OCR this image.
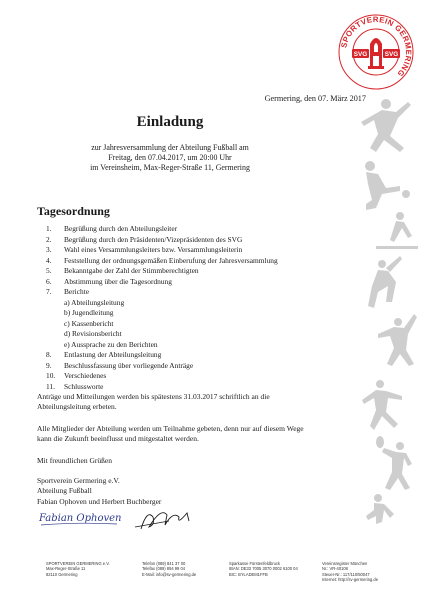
SPORTVEREIN GERMERING
SVG	SVG
Germering, den 07. März 2017
Einladung
zur Jahresversammlung der Abteilung Fußball am
Freitag, den 07.04.2017, um 20:00 Uhr
im Vereinsheim, Max-Reger-Straße 11, Germering
Tagesordnung
1. Begrüßung durch den Abteilungsleiter
2. Begrüßung durch den Präsidenten/Vizepräsidenten des SVG
3. Wahl eines Versammlungsleiters bzw. Versammlungsleiterin
4. Feststellung der ordnungsgemäßen Einberufung der Jahresversammlung
5. Bekanntgabe der Zahl der Stimmberechtigten
6. Abstimmung über die Tagesordnung
7. Berichte
a) Abteilungsleitung
b) Jugendleitung
c) Kassenbericht
d) Revisionsbericht
e) Aussprache zu den Berichten
8. Entlastung der Abteilungsleitung
9. Beschlussfassung über vorliegende Anträge
10. Verschiedenes
11. Schlussworte
Anträge und Mitteilungen werden bis spätestens 31.03.2017 schriftlich an die
Abteilungsleitung erbeten.
Alle Mitglieder der Abteilung werden um Teilnahme gebeten, denn nur auf diesem Wege
kann die Zukunft beeinflusst und mitgestaltet werden.
Mit freundlichen Grüßen
Sportverein Germering e.V.
Abteilung Fußball
Fabian Ophoven und Herbert Buchberger
Fabian Ophoven
SPORTVEREIN GERMERING e.V.
Max-Reger-Straße 11
82110 Germering
Telefon (089) 841 37 00
Telefax (089) 894 99 04
E-Mail: info@sv-germering.de
Sparkasse Fürstenfeldbruck
IBAN: DE33 7005 3070 0002 6100 04
BIC: BYLADEM1FFB
Vereinsregister München
Nr.: VR-40108
Steuer-Nr.: 117/110/50047
Internet: http://sv-germering.de
